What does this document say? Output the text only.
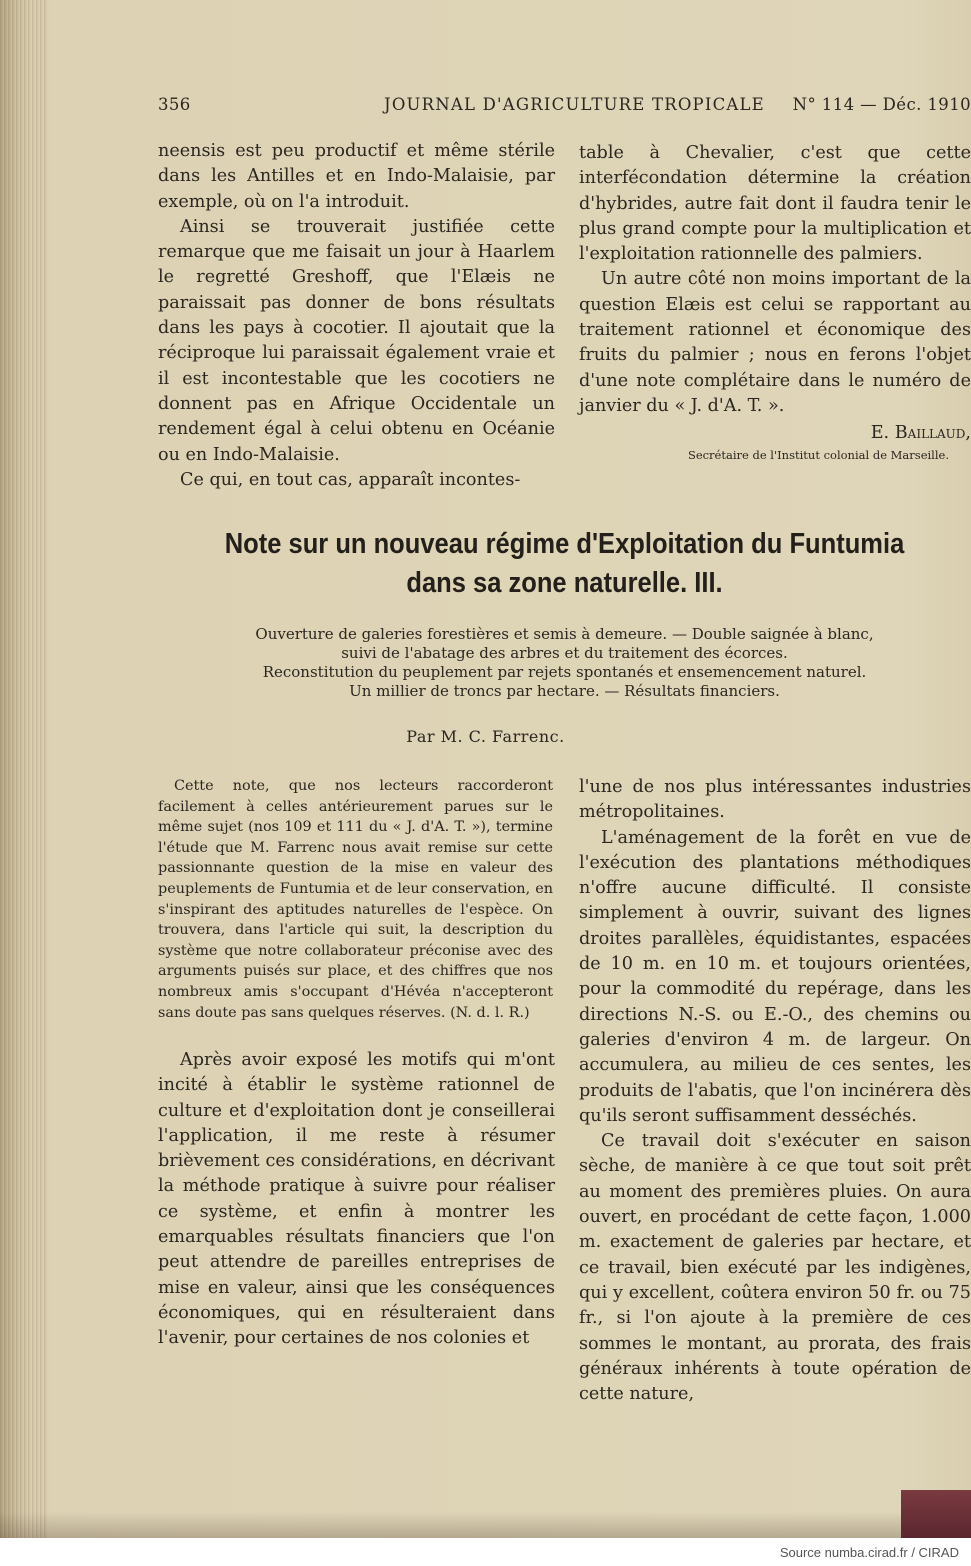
356	JOURNAL D'AGRICULTURE TROPICALE N° 114 — Déc. 1910

neensis est peu productif et même stérile dans les Antilles et en Indo-Malaisie, par exemple, où on l'a introduit.

Ainsi se trouverait justifiée cette remarque que me faisait un jour à Haarlem le regretté Greshoff, que l'Elæis ne paraissait pas donner de bons résultats dans les pays à cocotier. Il ajoutait que la réciproque lui paraissait également vraie et il est incontestable que les cocotiers ne donnent pas en Afrique Occidentale un rendement égal à celui obtenu en Océanie ou en Indo-Malaisie.

Ce qui, en tout cas, apparaît incontes-

table à Chevalier, c'est que cette interfécondation détermine la création d'hybrides, autre fait dont il faudra tenir le plus grand compte pour la multiplication et l'exploitation rationnelle des palmiers.

Un autre côté non moins important de la question Elæis est celui se rapportant au traitement rationnel et économique des fruits du palmier ; nous en ferons l'objet d'une note complétaire dans le numéro de janvier du « J. d'A. T. ».

E. Baillaud,

Secrétaire de l'Institut colonial de Marseille.

Note sur un nouveau régime d'Exploitation du Funtumia
dans sa zone naturelle. III.
Ouverture de galeries forestières et semis à demeure. — Double saignée à blanc,
suivi de l'abatage des arbres et du traitement des écorces.
Reconstitution du peuplement par rejets spontanés et ensemencement naturel.
Un millier de troncs par hectare. — Résultats financiers.
Par M. C. Farrenc.

Cette note, que nos lecteurs raccorderont facilement à celles antérieurement parues sur le même sujet (nos 109 et 111 du « J. d'A. T. »), termine l'étude que M. Farrenc nous avait remise sur cette passionnante question de la mise en valeur des peuplements de Funtumia et de leur conservation, en s'inspirant des aptitudes naturelles de l'espèce. On trouvera, dans l'article qui suit, la description du système que notre collaborateur préconise avec des arguments puisés sur place, et des chiffres que nos nombreux amis s'occupant d'Hévéa n'accepteront sans doute pas sans quelques réserves. (N. d. l. R.)

Après avoir exposé les motifs qui m'ont incité à établir le système rationnel de culture et d'exploitation dont je conseillerai l'application, il me reste à résumer brièvement ces considérations, en décrivant la méthode pratique à suivre pour réaliser ce système, et enfin à montrer les emarquables résultats financiers que l'on peut attendre de pareilles entreprises de mise en valeur, ainsi que les conséquences économiques, qui en résulteraient dans l'avenir, pour certaines de nos colonies et

l'une de nos plus intéressantes industries métropolitaines.

L'aménagement de la forêt en vue de l'exécution des plantations méthodiques n'offre aucune difficulté. Il consiste simplement à ouvrir, suivant des lignes droites parallèles, équidistantes, espacées de 10 m. en 10 m. et toujours orientées, pour la commodité du repérage, dans les directions N.-S. ou E.-O., des chemins ou galeries d'environ 4 m. de largeur. On accumulera, au milieu de ces sentes, les produits de l'abatis, que l'on incinérera dès qu'ils seront suffisamment desséchés.

Ce travail doit s'exécuter en saison sèche, de manière à ce que tout soit prêt au moment des premières pluies. On aura ouvert, en procédant de cette façon, 1.000 m. exactement de galeries par hectare, et ce travail, bien exécuté par les indigènes, qui y excellent, coûtera environ 50 fr. ou 75 fr., si l'on ajoute à la première de ces sommes le montant, au prorata, des frais généraux inhérents à toute opération de cette nature,

Source numba.cirad.fr / CIRAD
